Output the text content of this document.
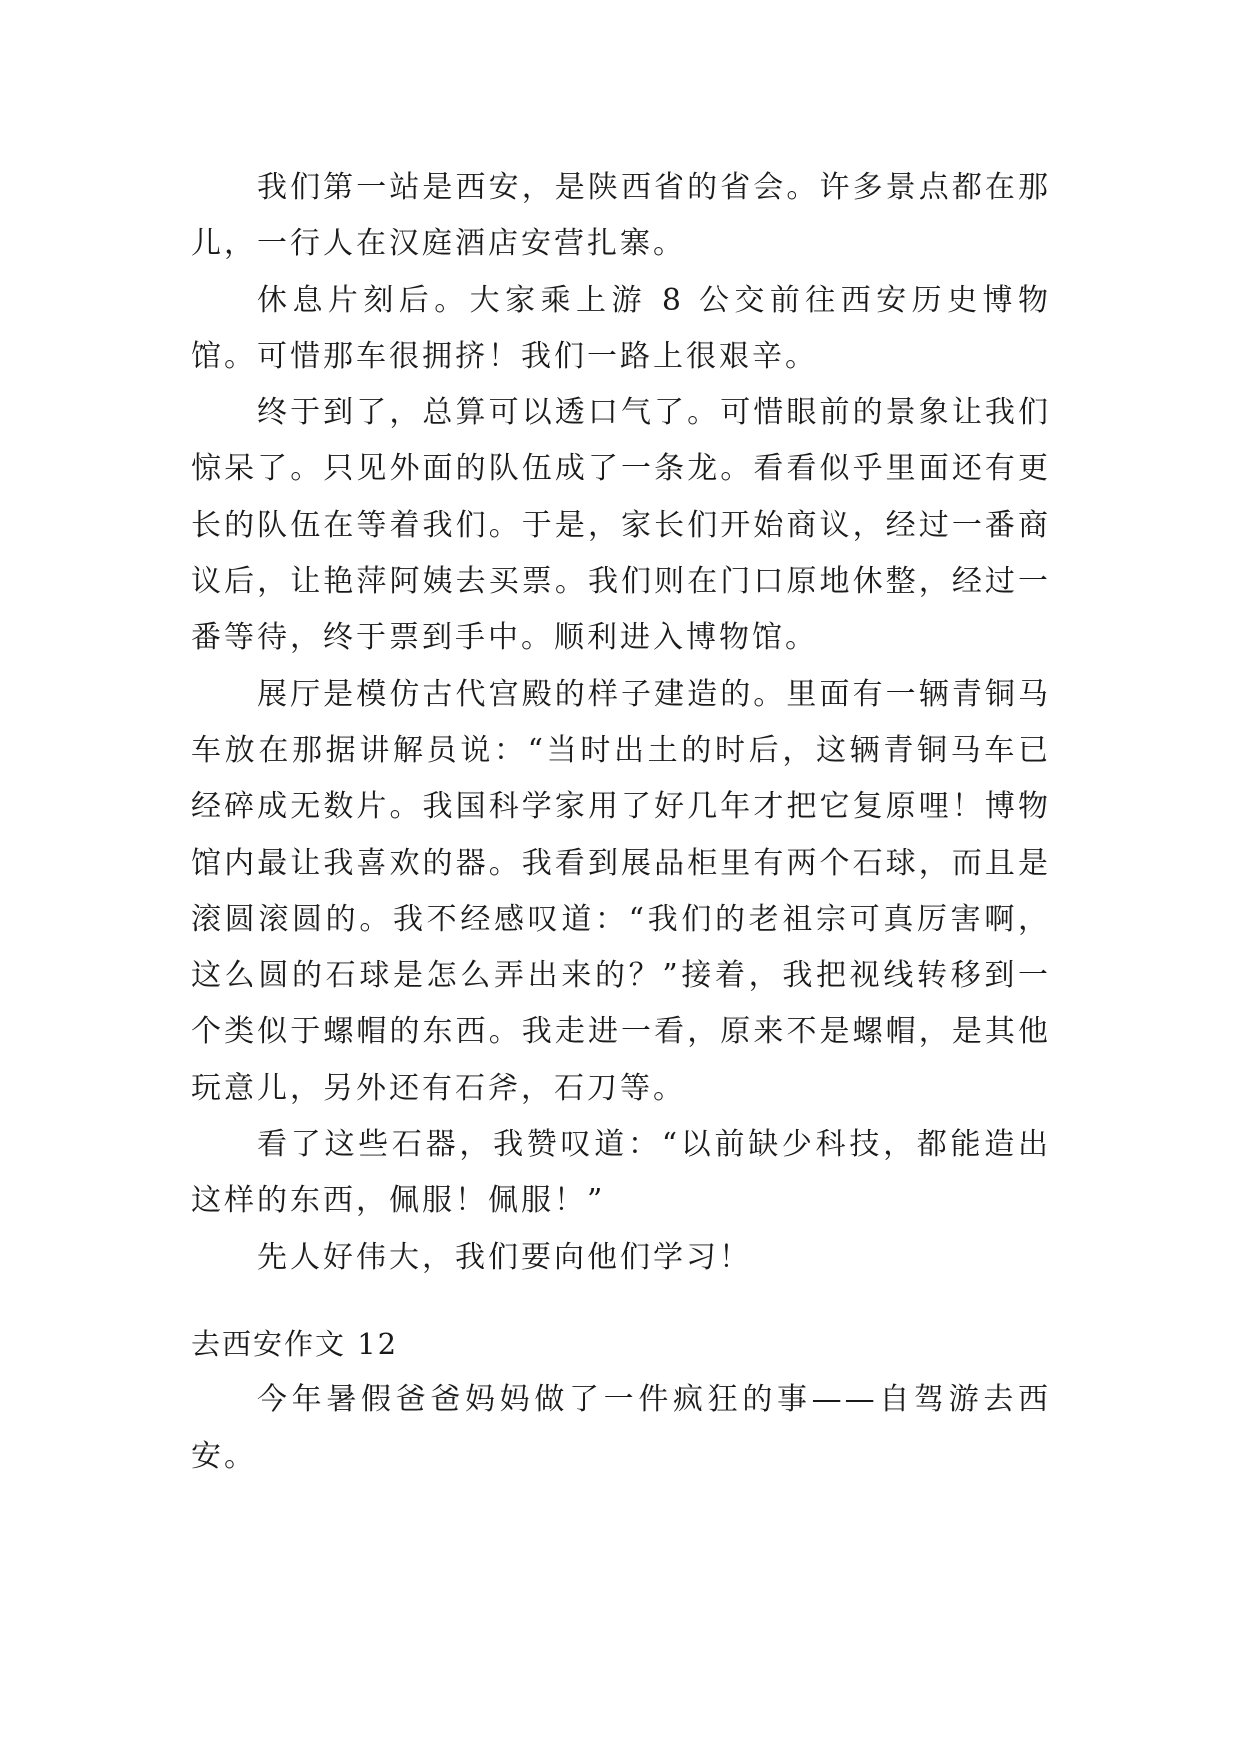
我们第一站是西安，是陕西省的省会。许多景点都在那儿，一行人在汉庭酒店安营扎寨。

休息片刻后。大家乘上游 8 公交前往西安历史博物馆。可惜那车很拥挤！我们一路上很艰辛。

终于到了，总算可以透口气了。可惜眼前的景象让我们惊呆了。只见外面的队伍成了一条龙。看看似乎里面还有更长的队伍在等着我们。于是，家长们开始商议，经过一番商议后，让艳萍阿姨去买票。我们则在门口原地休整，经过一番等待，终于票到手中。顺利进入博物馆。

展厅是模仿古代宫殿的样子建造的。里面有一辆青铜马车放在那据讲解员说：“当时出土的时后，这辆青铜马车已经碎成无数片。我国科学家用了好几年才把它复原哩！博物馆内最让我喜欢的器。我看到展品柜里有两个石球，而且是滚圆滚圆的。我不经感叹道：“我们的老祖宗可真厉害啊，这么圆的石球是怎么弄出来的？”接着，我把视线转移到一个类似于螺帽的东西。我走进一看，原来不是螺帽，是其他玩意儿，另外还有石斧，石刀等。

看了这些石器，我赞叹道：“以前缺少科技，都能造出这样的东西，佩服！佩服！”

先人好伟大，我们要向他们学习！

去西安作文 12

今年暑假爸爸妈妈做了一件疯狂的事——自驾游去西安。
